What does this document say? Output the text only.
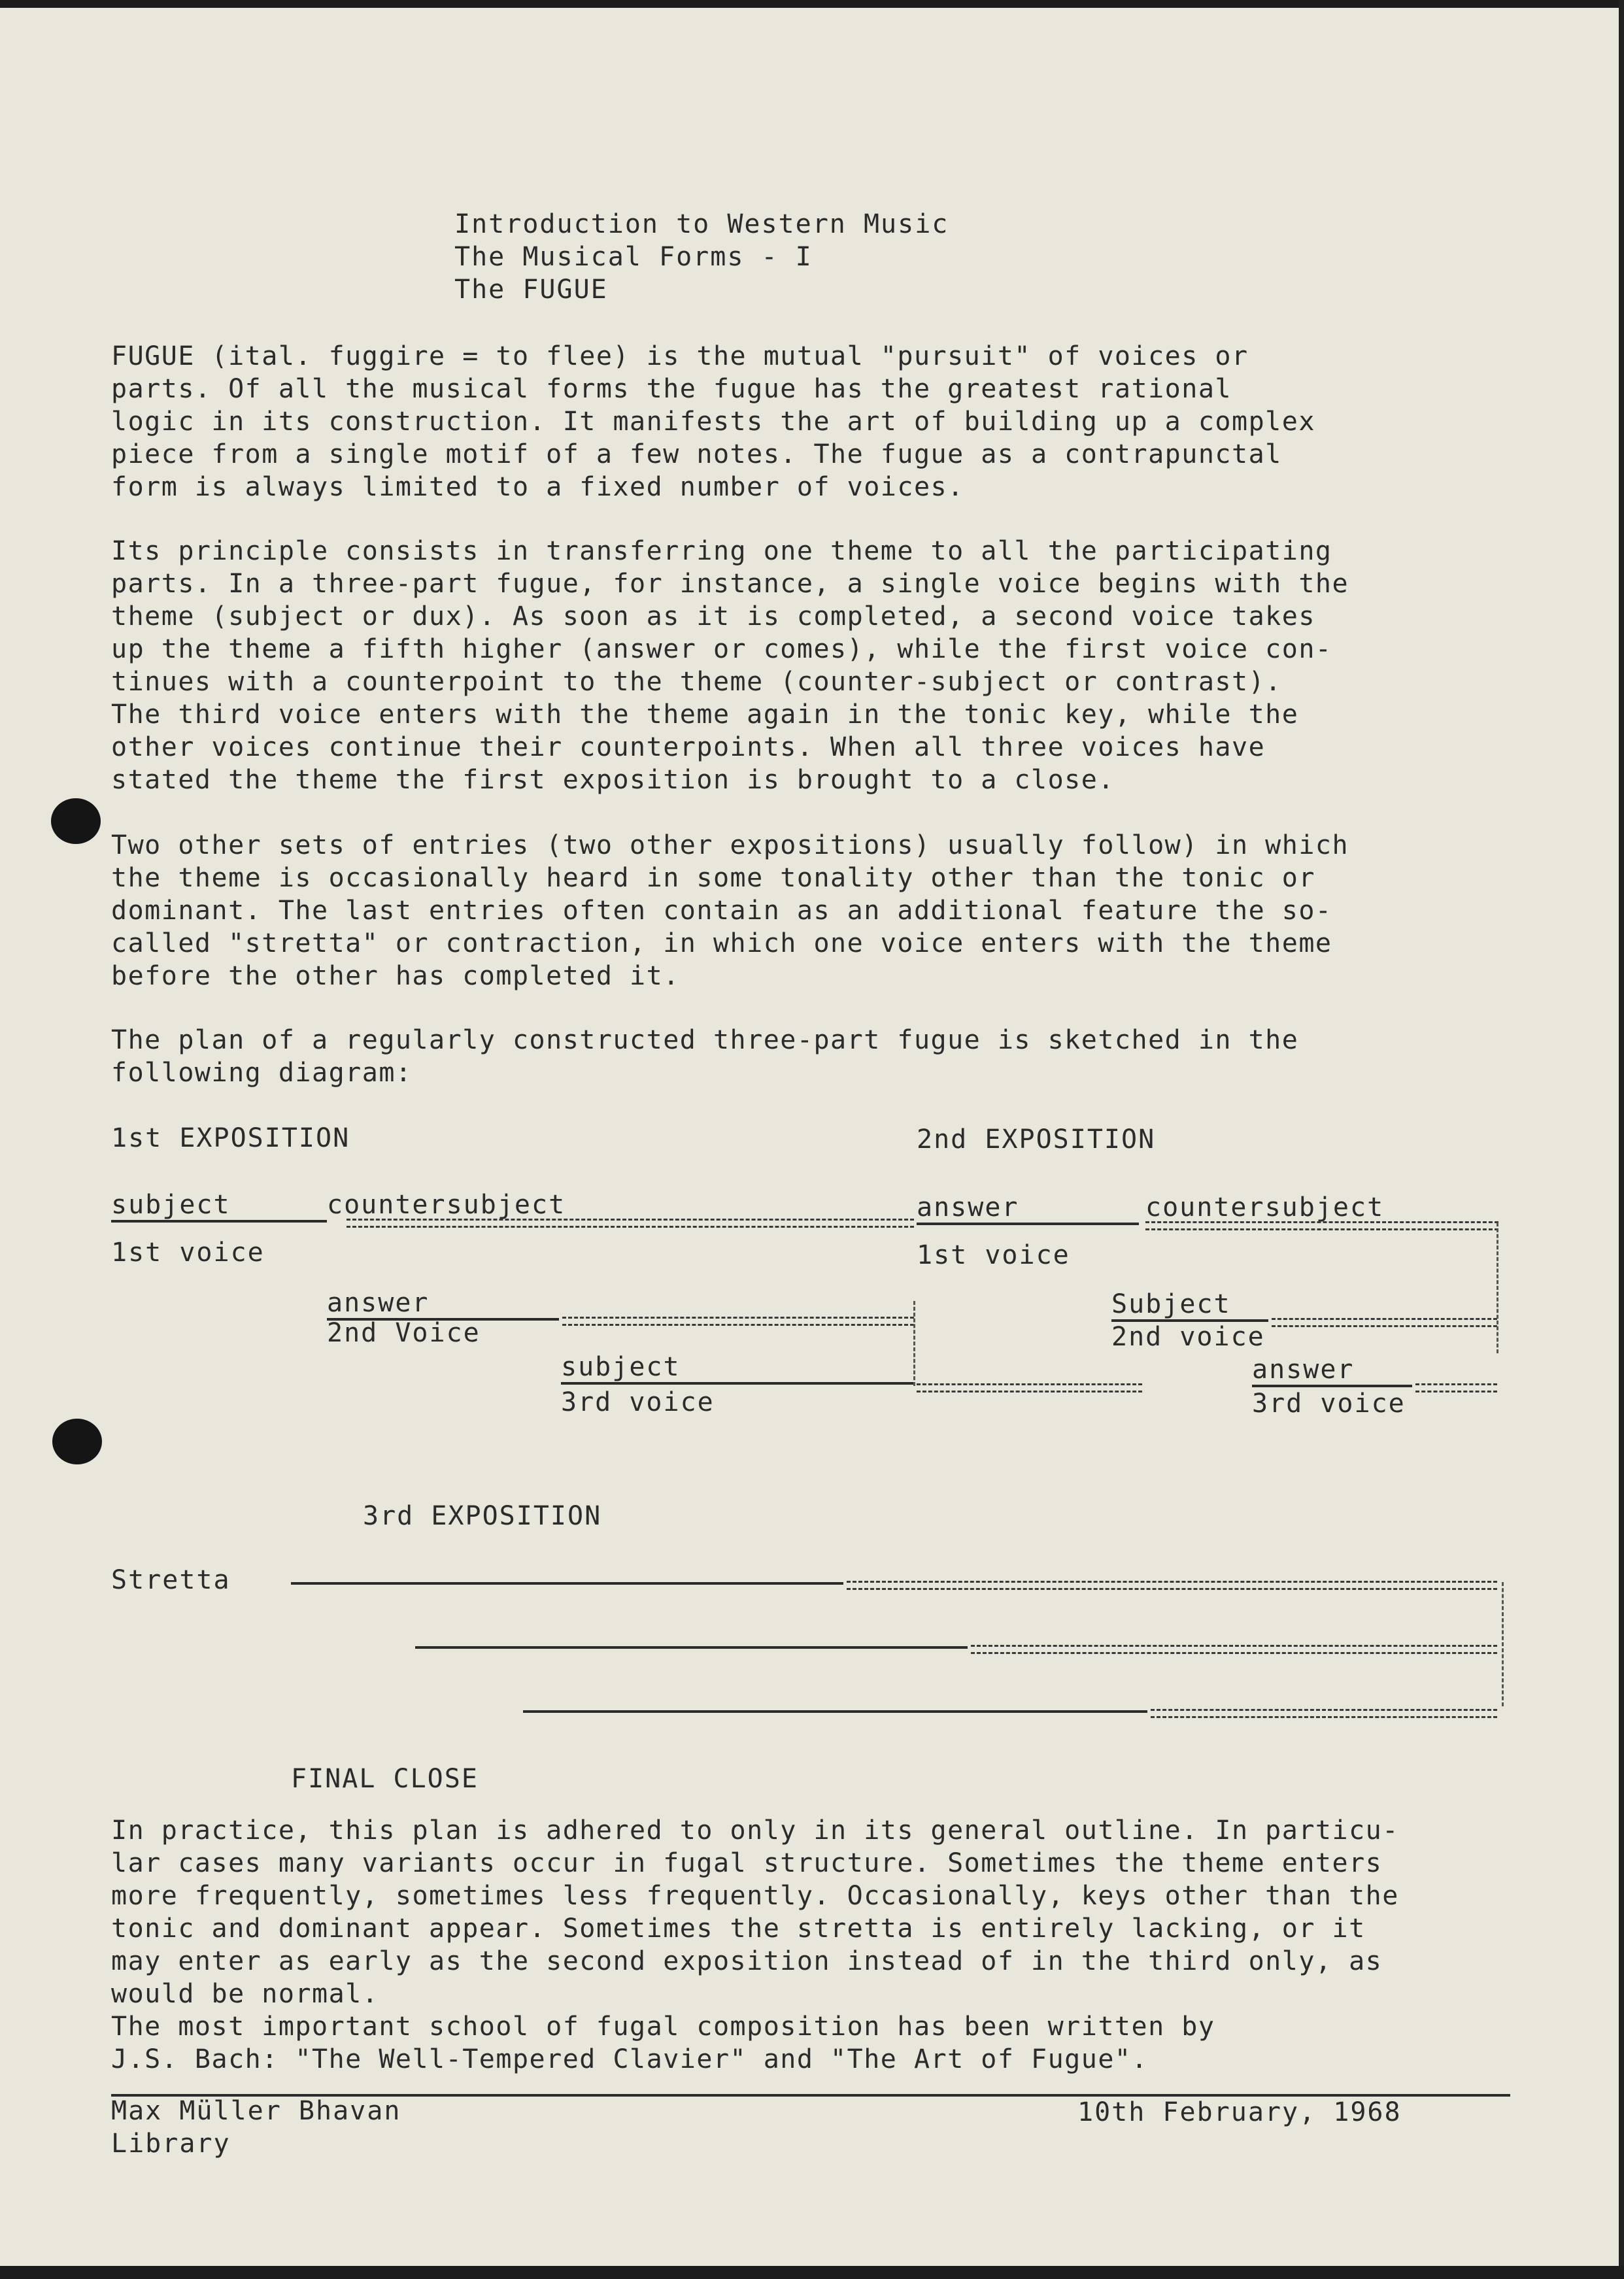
Introduction to Western Music
The Musical Forms - I
The FUGUE
FUGUE (ital. fuggire = to flee) is the mutual "pursuit" of voices or
parts. Of all the musical forms the fugue has the greatest rational
logic in its construction. It manifests the art of building up a complex
piece from a single motif of a few notes. The fugue as a contrapunctal
form is always limited to a fixed number of voices.
Its principle consists in transferring one theme to all the participating
parts. In a three-part fugue, for instance, a single voice begins with the
theme (subject or dux). As soon as it is completed, a second voice takes
up the theme a fifth higher (answer or comes), while the first voice con-
tinues with a counterpoint to the theme (counter-subject or contrast).
The third voice enters with the theme again in the tonic key, while the
other voices continue their counterpoints. When all three voices have
stated the theme the first exposition is brought to a close.
Two other sets of entries (two other expositions) usually follow) in which
the theme is occasionally heard in some tonality other than the tonic or
dominant. The last entries often contain as an additional feature the so-
called "stretta" or contraction, in which one voice enters with the theme
before the other has completed it.
The plan of a regularly constructed three-part fugue is sketched in the
following diagram:
1st EXPOSITION	2nd EXPOSITION
subject	countersubject
1st voice
answer
2nd Voice
subject
3rd voice
answer	countersubject
1st voice
Subject
2nd voice
answer
3rd voice
3rd EXPOSITION
Stretta
FINAL CLOSE
In practice, this plan is adhered to only in its general outline. In particu-
lar cases many variants occur in fugal structure. Sometimes the theme enters
more frequently, sometimes less frequently. Occasionally, keys other than the
tonic and dominant appear. Sometimes the stretta is entirely lacking, or it
may enter as early as the second exposition instead of in the third only, as
would be normal.
The most important school of fugal composition has been written by
J.S. Bach: "The Well-Tempered Clavier" and "The Art of Fugue".
Max Müller Bhavan
Library
10th February, 1968
